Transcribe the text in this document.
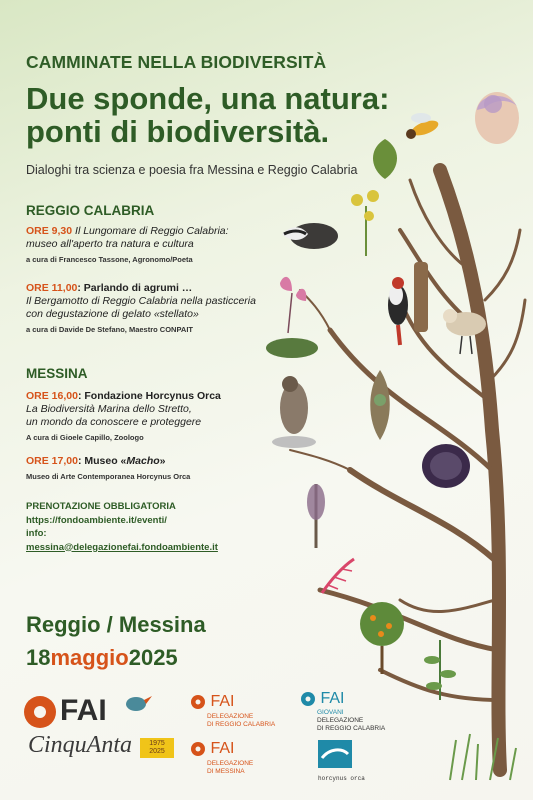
CAMMINATE NELLA BIODIVERSITÀ
Due sponde, una natura:
ponti di biodiversità.
Dialoghi tra scienza e poesia fra Messina e Reggio Calabria
REGGIO CALABRIA
ORE 9,30 Il Lungomare di Reggio Calabria:
museo all'aperto tra natura e cultura
a cura di Francesco Tassone, Agronomo/Poeta
ORE 11,00: Parlando di agrumi …
Il Bergamotto di Reggio Calabria nella pasticceria
con degustazione di gelato «stellato»
a cura di Davide De Stefano, Maestro CONPAIT
MESSINA
ORE 16,00: Fondazione Horcynus Orca
La Biodiversità Marina dello Stretto,
un mondo da conoscere e proteggere
A cura di Gioele Capillo, Zoologo
ORE 17,00: Museo «Macho»
Museo di Arte Contemporanea Horcynus Orca
PRENOTAZIONE OBBLIGATORIA
https://fondoambiente.it/eventi/
info:
messina@delegazionefai.fondoambiente.it
Reggio / Messina
18maggio2025
FAI
CinquAnta	1975 2025
FAI
DELEGAZIONE
DI REGGIO CALABRIA
FAI
DELEGAZIONE
DI MESSINA
FAI
GIOVANI
DELEGAZIONE
DI REGGIO CALABRIA
horcynus orca
